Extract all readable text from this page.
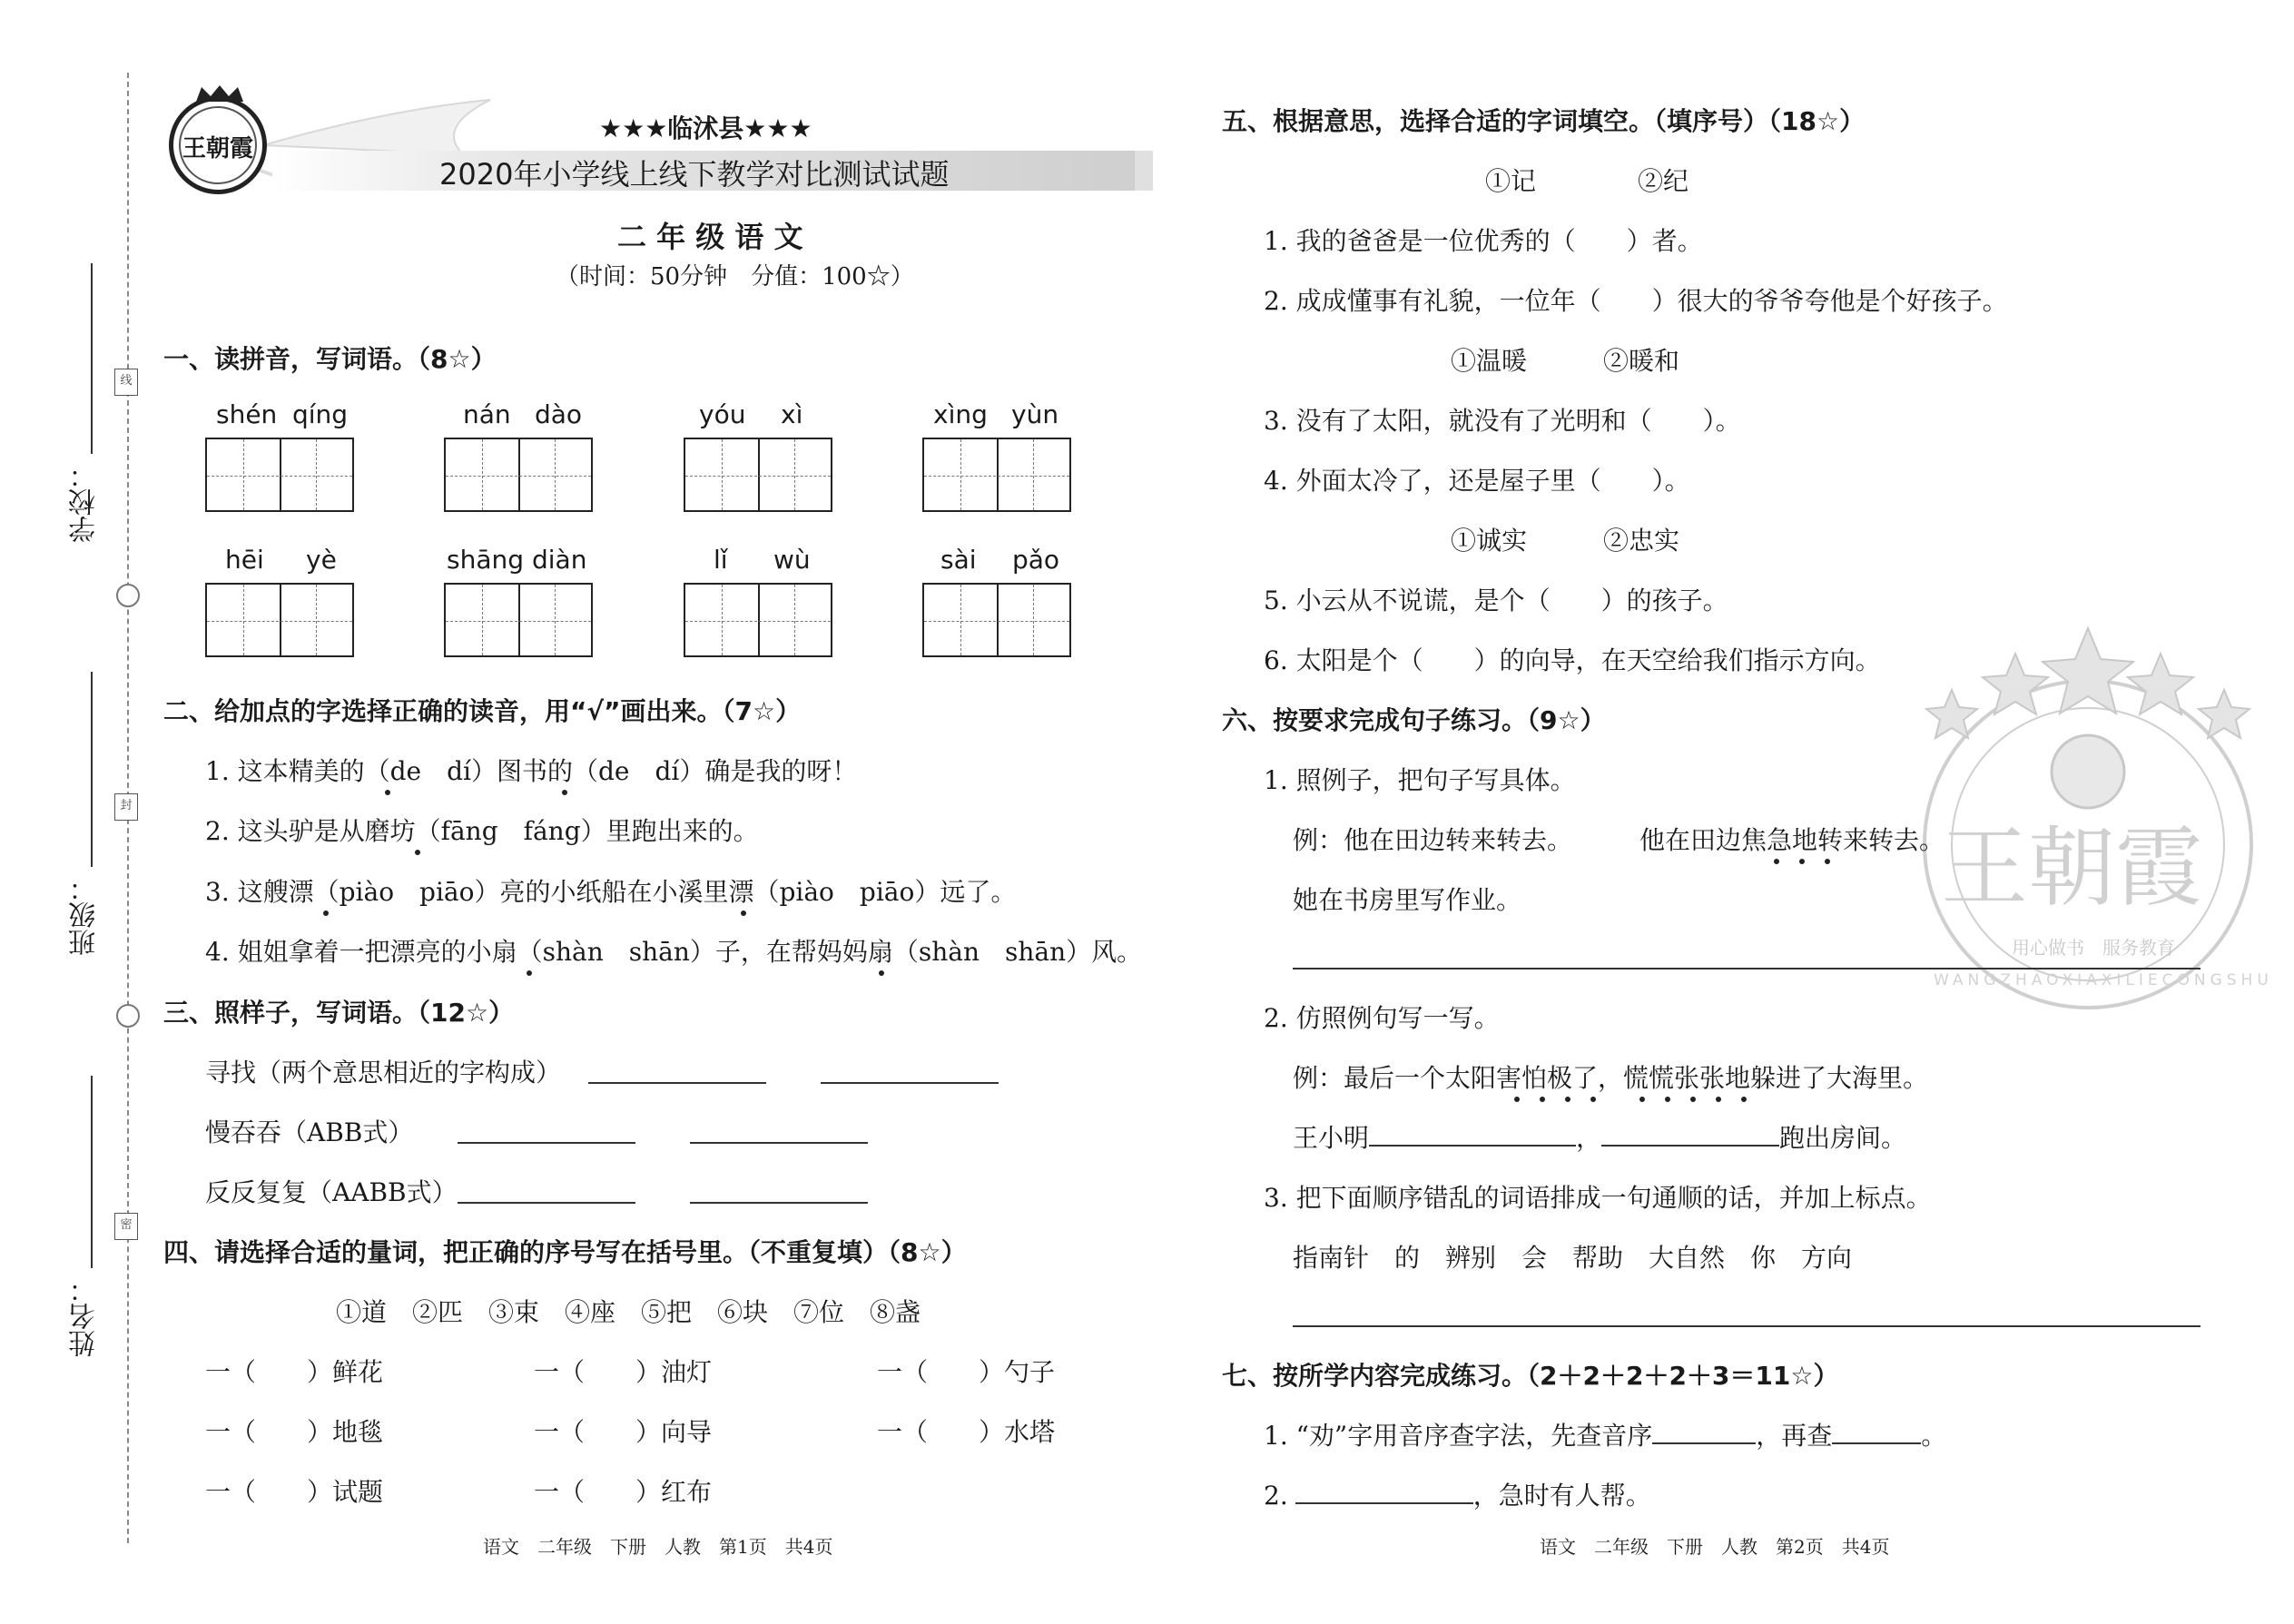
线
封
密
学校：
班级：
姓名：
王朝霞
★★★临沭县★★★
2020年小学线上线下教学对比测试试题
二 年 级 语 文
（时间：50分钟　分值：100☆）
一、读拼音，写词语。（8☆）
shén qíng	nán dào	yóu xì	xìng yùn
hēi yè	shāng diàn	lǐ wù	sài pǎo
二、给加点的字选择正确的读音，用“√”画出来。（7☆）
1. 这本精美的（de　dí）图书的（de　dí）确是我的呀！
2. 这头驴是从磨坊（fāng　fáng）里跑出来的。
3. 这艘漂（piào　piāo）亮的小纸船在小溪里漂（piào　piāo）远了。
4. 姐姐拿着一把漂亮的小扇（shàn　shān）子，在帮妈妈扇（shàn　shān）风。
三、照样子，写词语。（12☆）
寻找（两个意思相近的字构成）
慢吞吞（ABB式）
反反复复（AABB式）
四、请选择合适的量词，把正确的序号写在括号里。（不重复填）（8☆）
①道　②匹　③束　④座　⑤把　⑥块　⑦位　⑧盏
一（　　）鲜花	一（　　）油灯	一（　　）勺子
一（　　）地毯	一（　　）向导	一（　　）水塔
一（　　）试题	一（　　）红布
语文　二年级　下册　人教　第1页　共4页
王朝霞
用心做书　服务教育
WANGZHAOXIAXILIECONGSHU
五、根据意思，选择合适的字词填空。（填序号）（18☆）
①记　　　　②纪
1. 我的爸爸是一位优秀的（　　）者。
2. 成成懂事有礼貌，一位年（　　）很大的爷爷夸他是个好孩子。
①温暖　　　②暖和
3. 没有了太阳，就没有了光明和（　　）。
4. 外面太冷了，还是屋子里（　　）。
①诚实　　　②忠实
5. 小云从不说谎，是个（　　）的孩子。
6. 太阳是个（　　）的向导，在天空给我们指示方向。
六、按要求完成句子练习。（9☆）
1. 照例子，把句子写具体。
例：他在田边转来转去。	他在田边焦急地转来转去。
她在书房里写作业。
2. 仿照例句写一写。
例：最后一个太阳害怕极了，慌慌张张地躲进了大海里。
王小明	，	跑出房间。
3. 把下面顺序错乱的词语排成一句通顺的话，并加上标点。
指南针　的　辨别　会　帮助　大自然　你　方向
七、按所学内容完成练习。（2＋2＋2＋2＋3＝11☆）
1. “劝”字用音序查字法，先查音序	，再查	。
2.	，急时有人帮。
语文　二年级　下册　人教　第2页　共4页
